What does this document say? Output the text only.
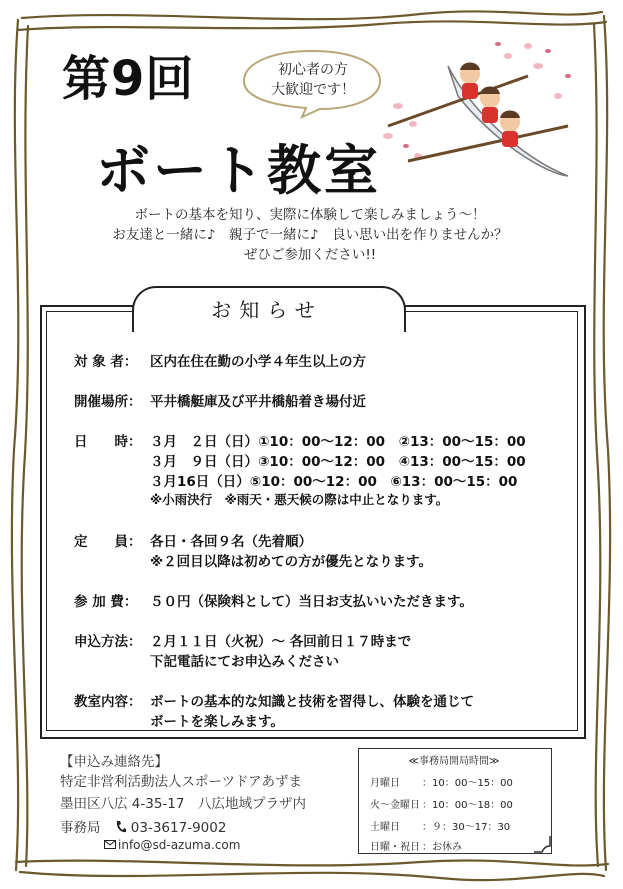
第9回
ボート教室
初心者の方
大歓迎です！
ボートの基本を知り、実際に体験して楽しみましょう～！
お友達と一緒に♪　親子で一緒に♪　良い思い出を作りませんか？
ぜひご参加ください!!
お知らせ
対 象 者： 区内在住在勤の小学４年生以上の方
開催場所： 平井橋艇庫及び平井橋船着き場付近
日　　時： ３月　２日（日）①10：00～12：00　②13：00～15：00
３月　９日（日）③10：00～12：00　④13：00～15：00
３月16日（日）⑤10：00～12：00　⑥13：00～15：00
※小雨決行　※雨天・悪天候の際は中止となります。
定　　員： 各日・各回９名（先着順）
※２回目以降は初めての方が優先となります。
参 加 費： ５０円（保険料として）当日お支払いいただきます。
申込方法： ２月１１日（火祝）～ 各回前日１７時まで
下記電話にてお申込みください
教室内容： ボートの基本的な知識と技術を習得し、体験を通じて
ボートを楽しみます。
【申込み連絡先】
特定非営利活動法人スポーツドアあずま
墨田区八広 4-35-17　八広地域プラザ内
事務局 03-3617-9002
info@sd-azuma.com
≪事務局開局時間≫
月曜日 ：10：00～15：00
火～金曜日 ：10：00～18：00
土曜日 ：９：30～17：30
日曜・祝日 ：お休み
